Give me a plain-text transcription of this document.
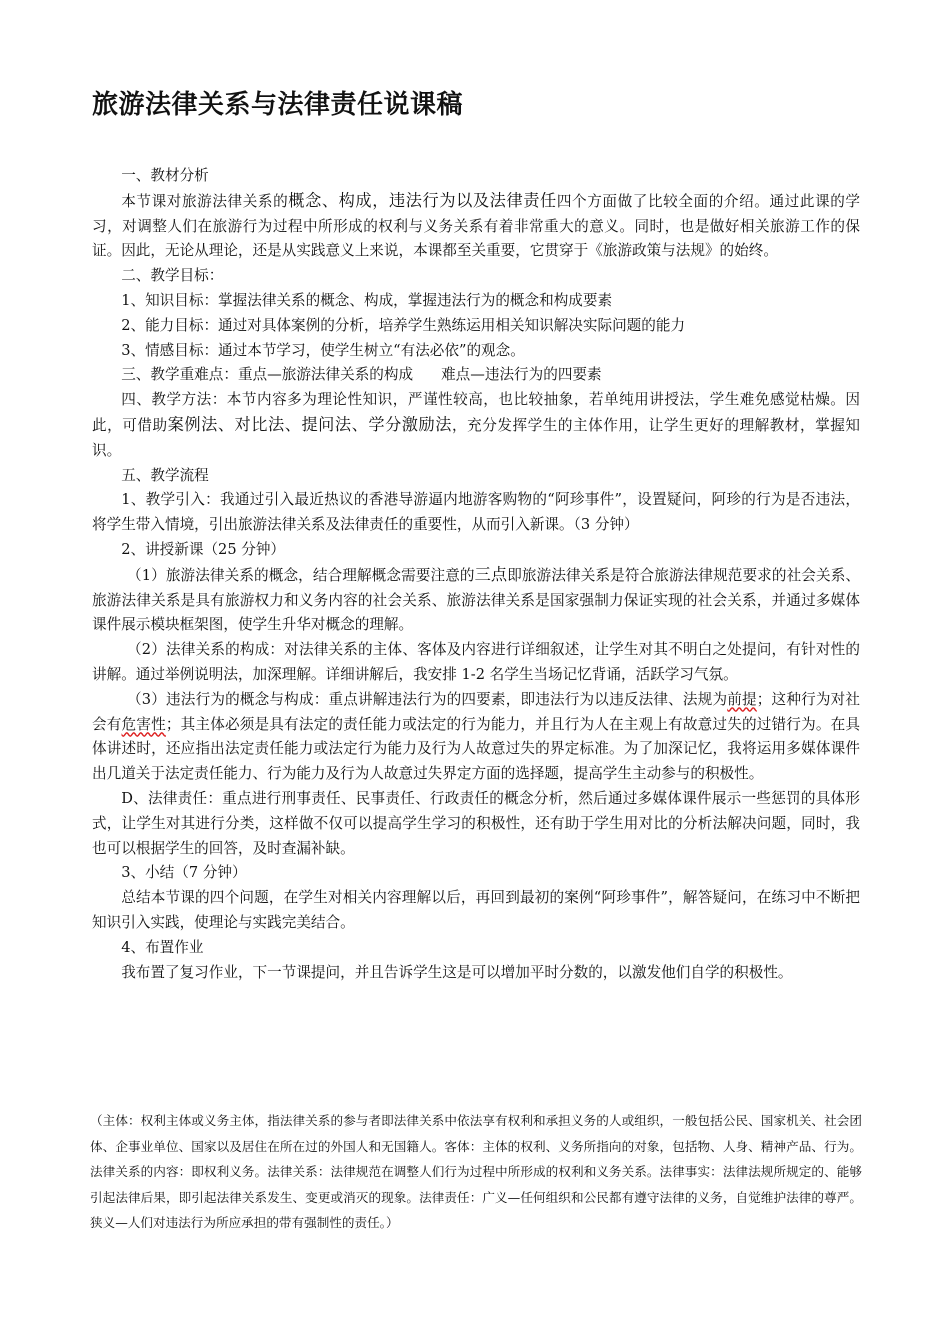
旅游法律关系与法律责任说课稿

一、教材分析

本节课对旅游法律关系的概念、构成，违法行为以及法律责任四个方面做了比较全面的介绍。通过此课的学习，对调整人们在旅游行为过程中所形成的权利与义务关系有着非常重大的意义。同时，也是做好相关旅游工作的保证。因此，无论从理论，还是从实践意义上来说，本课都至关重要，它贯穿于《旅游政策与法规》的始终。

二、教学目标：

1、知识目标：掌握法律关系的概念、构成，掌握违法行为的概念和构成要素

2、能力目标：通过对具体案例的分析，培养学生熟练运用相关知识解决实际问题的能力

3、情感目标：通过本节学习，使学生树立“有法必依”的观念。

三、教学重难点：重点—旅游法律关系的构成 难点—违法行为的四要素

四、教学方法：本节内容多为理论性知识，严谨性较高，也比较抽象，若单纯用讲授法，学生难免感觉枯燥。因此，可借助案例法、对比法、提问法、学分激励法，充分发挥学生的主体作用，让学生更好的理解教材，掌握知识。

五、教学流程

1、教学引入：我通过引入最近热议的香港导游逼内地游客购物的“阿珍事件”，设置疑问，阿珍的行为是否违法，将学生带入情境，引出旅游法律关系及法律责任的重要性，从而引入新课。（3 分钟）

2、讲授新课（25 分钟）

（1）旅游法律关系的概念，结合理解概念需要注意的三点即旅游法律关系是符合旅游法律规范要求的社会关系、旅游法律关系是具有旅游权力和义务内容的社会关系、旅游法律关系是国家强制力保证实现的社会关系，并通过多媒体课件展示模块框架图，使学生升华对概念的理解。

（2）法律关系的构成：对法律关系的主体、客体及内容进行详细叙述，让学生对其不明白之处提问，有针对性的讲解。通过举例说明法，加深理解。详细讲解后，我安排 1-2 名学生当场记忆背诵，活跃学习气氛。

（3）违法行为的概念与构成：重点讲解违法行为的四要素，即违法行为以违反法律、法规为前提；这种行为对社会有危害性；其主体必须是具有法定的责任能力或法定的行为能力，并且行为人在主观上有故意过失的过错行为。在具体讲述时，还应指出法定责任能力或法定行为能力及行为人故意过失的界定标准。为了加深记忆，我将运用多媒体课件出几道关于法定责任能力、行为能力及行为人故意过失界定方面的选择题，提高学生主动参与的积极性。

D、法律责任：重点进行刑事责任、民事责任、行政责任的概念分析，然后通过多媒体课件展示一些惩罚的具体形式，让学生对其进行分类，这样做不仅可以提高学生学习的积极性，还有助于学生用对比的分析法解决问题，同时，我也可以根据学生的回答，及时查漏补缺。

3、小结（7 分钟）

总结本节课的四个问题，在学生对相关内容理解以后，再回到最初的案例“阿珍事件”，解答疑问，在练习中不断把知识引入实践，使理论与实践完美结合。

4、布置作业

我布置了复习作业，下一节课提问，并且告诉学生这是可以增加平时分数的，以激发他们自学的积极性。

（主体：权利主体或义务主体，指法律关系的参与者即法律关系中依法享有权利和承担义务的人或组织，一般包括公民、国家机关、社会团体、企事业单位、国家以及居住在所在过的外国人和无国籍人。客体：主体的权利、义务所指向的对象，包括物、人身、精神产品、行为。法律关系的内容：即权利义务。法律关系：法律规范在调整人们行为过程中所形成的权利和义务关系。法律事实：法律法规所规定的、能够引起法律后果，即引起法律关系发生、变更或消灭的现象。法律责任：广义—任何组织和公民都有遵守法律的义务，自觉维护法律的尊严。狭义—人们对违法行为所应承担的带有强制性的责任。）
